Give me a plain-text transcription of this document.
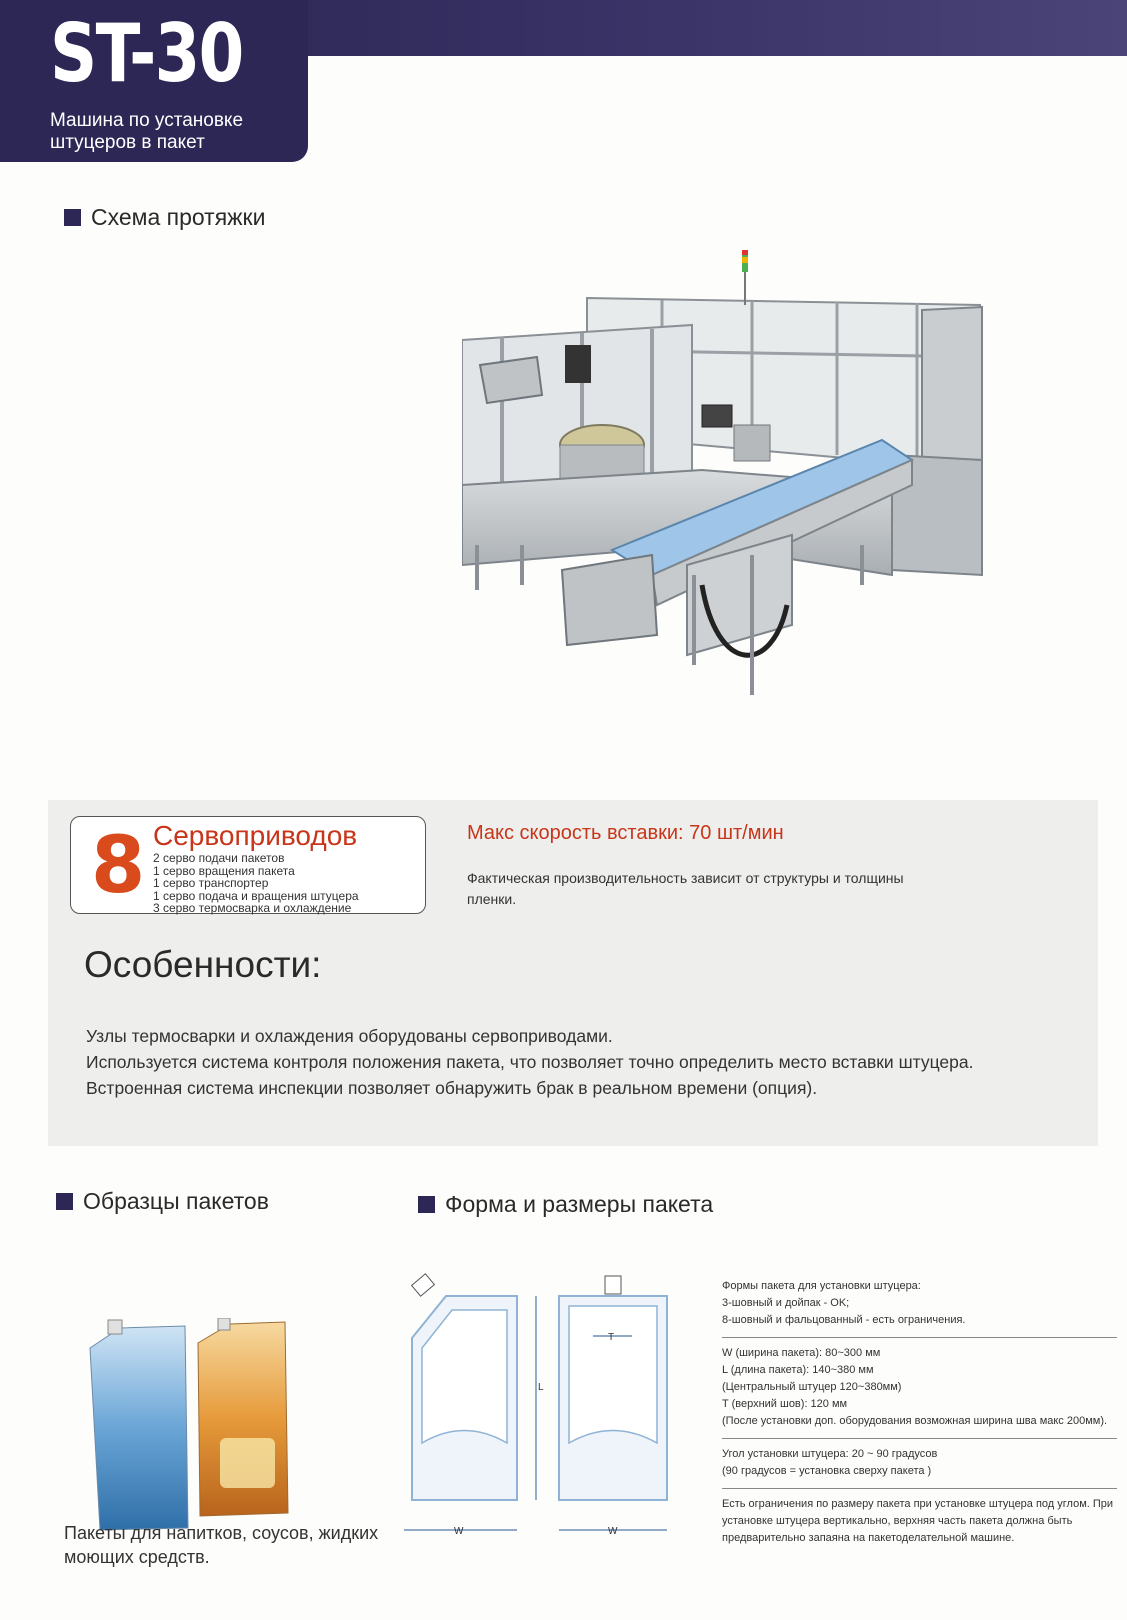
ST-30
Машина по установке штуцеров в пакет
Схема протяжки
8 Сервоприводов
2 серво подачи пакетов
1 серво вращения пакета
1 серво транспортер
1 серво подача и вращения штуцера
3 серво термосварка и охлаждение
Макс скорость вставки: 70 шт/мин
Фактическая производительность зависит от структуры и толщины пленки.
Особенности:
Узлы термосварки и охлаждения оборудованы сервоприводами.
Используется система контроля положения пакета, что позволяет точно определить место вставки штуцера.
Встроенная система инспекции позволяет обнаружить брак в реальном времени (опция).
Образцы пакетов	Форма и размеры пакета
Пакеты для напитков, соусов, жидких моющих средств.
T
L
W	W

Формы пакета для установки штуцера:

3-шовный и дойпак - OK;

8-шовный и фальцованный - есть ограничения.

W (ширина пакета): 80~300 мм

L (длина пакета): 140~380 мм

(Центральный штуцер 120~380мм)

T (верхний шов): 120 мм

(После установки доп. оборудования возможная ширина шва макс 200мм).

Угол установки штуцера: 20 ~ 90 градусов

(90 градусов = установка сверху пакета )

Есть ограничения по размеру пакета при установке штуцера под углом. При установке штуцера вертикально, верхняя часть пакета должна быть предварительно запаяна на пакетоделательной машине.
